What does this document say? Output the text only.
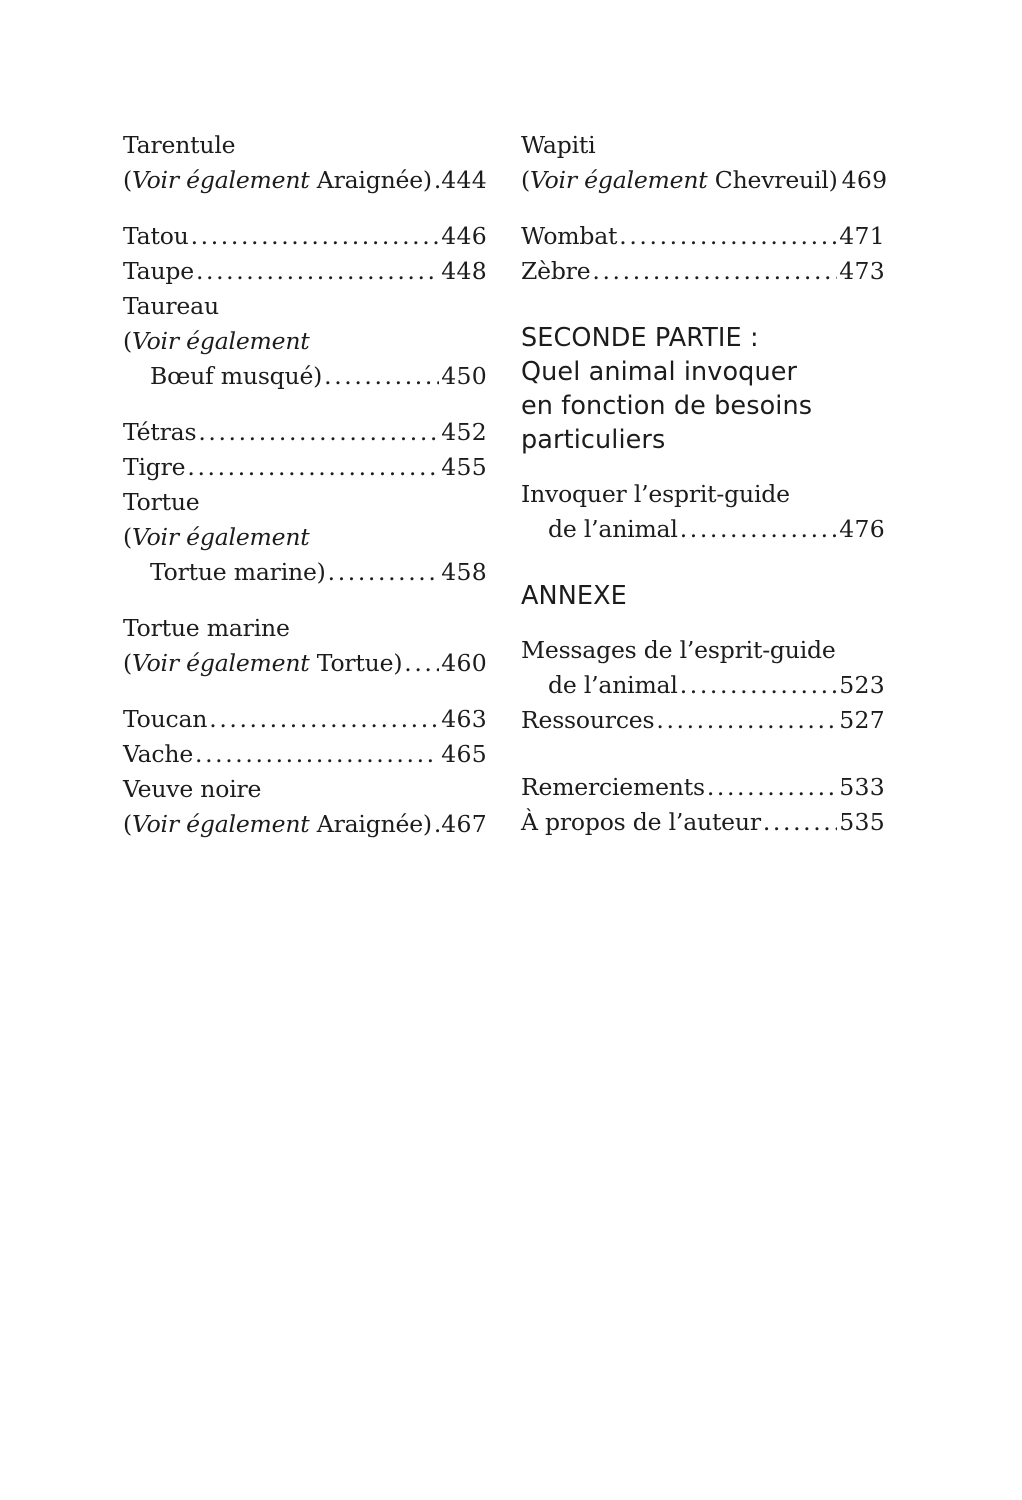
Tarentule
(Voir également Araignée) ..... 444
Tatou .....	446
Taupe .....	448
Taureau
(Voir également
Bœuf musqué) .....	450
Tétras .....	452
Tigre .....	455
Tortue
(Voir également
Tortue marine) .....	458
Tortue marine
(Voir également Tortue) ..... 460
Toucan .....	463
Vache .....	465
Veuve noire
(Voir également Araignée) ..... 467
Wapiti
(Voir également Chevreuil) 469
Wombat .....	471
Zèbre .....	473
SECONDE PARTIE :
Quel animal invoquer
en fonction de besoins
particuliers
Invoquer l’esprit-guide
de l’animal .....	476
ANNEXE
Messages de l’esprit-guide
de l’animal .....	523
Ressources .....	527
Remerciements .....	533
À propos de l’auteur .....	535
